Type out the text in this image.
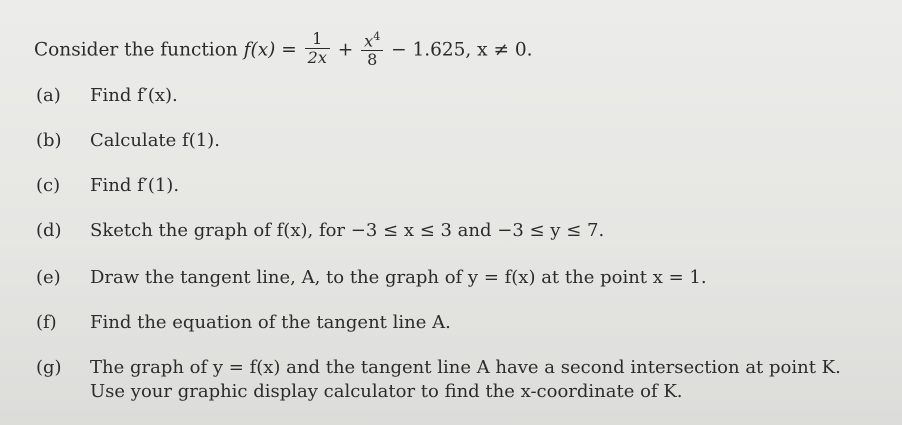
Consider the function $f(x) = \frac{1}{2x} + \frac{x^4}{8} - 1.625$, x ≠ 0.
(a) Find f′(x).
(b) Calculate f(1).
(c) Find f′(1).
(d) Sketch the graph of f(x), for −3 ≤ x ≤ 3 and −3 ≤ y ≤ 7.
(e) Draw the tangent line, A, to the graph of y = f(x) at the point x = 1.
(f) Find the equation of the tangent line A.
(g) The graph of y = f(x) and the tangent line A have a second intersection at point K.
Use your graphic display calculator to find the x-coordinate of K.
